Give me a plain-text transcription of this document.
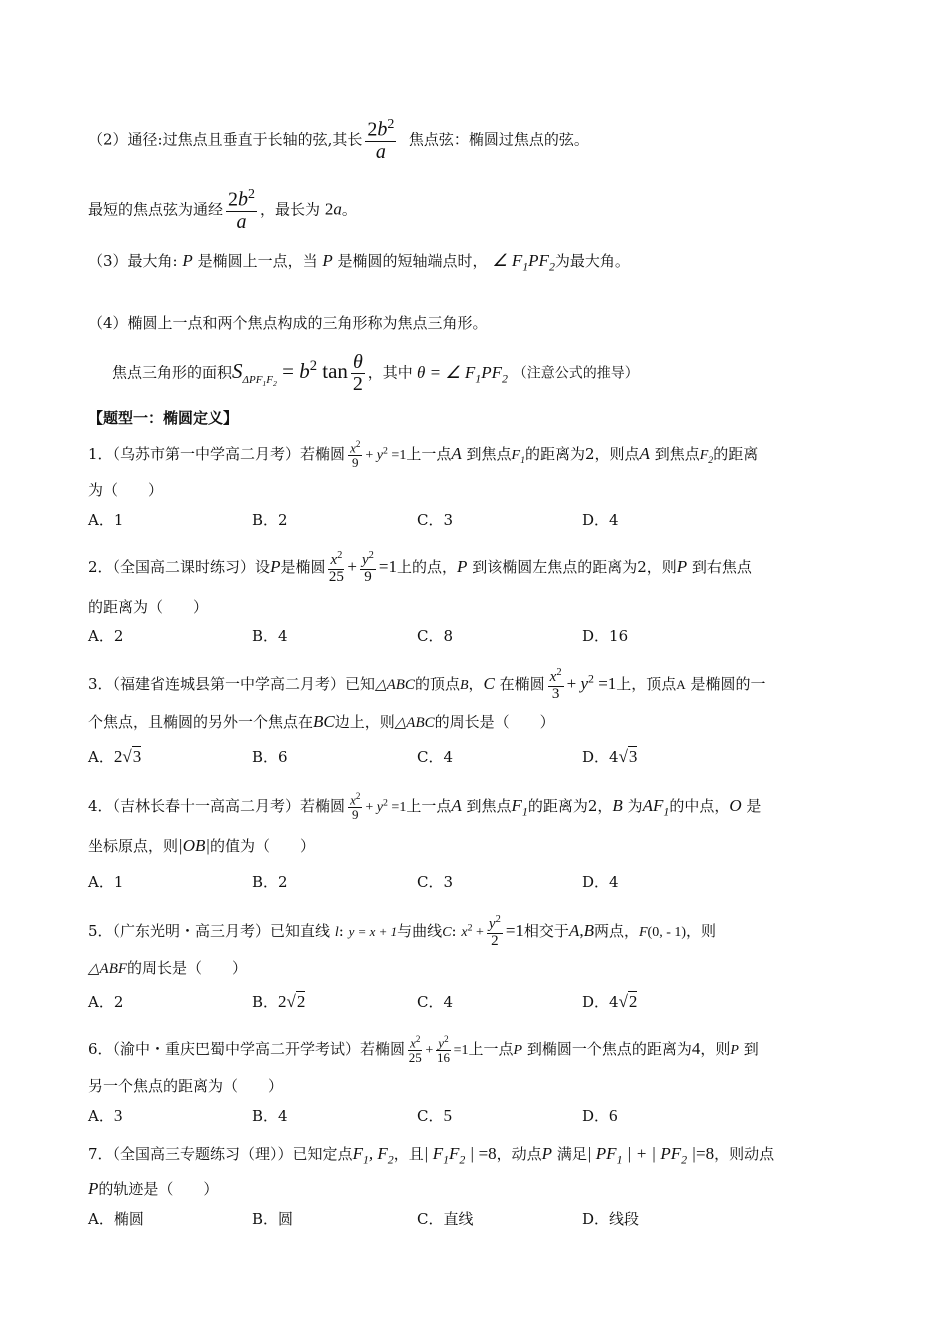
（2）通径:过焦点且垂直于长轴的弦,其长 $\frac{2b^2}{a}$ 焦点弦：椭圆过焦点的弦。
最短的焦点弦为通经 $\frac{2b^2}{a}$ ，最长为 2a。
（3）最大角: P 是椭圆上一点，当 P 是椭圆的短轴端点时， ∠ $F_1PF_2$为最大角。
（4）椭圆上一点和两个焦点构成的三角形称为焦点三角形。
焦点三角形的面积$S_{\Delta PF_1F_2} = b^2$ $\tan \frac{\theta}{2}$ ，其中 θ = ∠ $F_1PF_2$ （注意公式的推导）
【题型一：椭圆定义】
1．（乌苏市第一中学高二月考）若椭圆 $\frac{x^2}{9} + y^2 =1$上一点A 到焦点$F_1$的距离为2，则点A 到焦点$F_2$的距离
为（　　）
A．1	B．2	C．3	D．4
2．（全国高二课时练习）设P是椭圆 $\frac{x^2}{25} + \frac{y^2}{9} =1$上的点，P 到该椭圆左焦点的距离为2，则P 到右焦点
的距离为（　　）
A．2	B．4	C．8	D．16
3．（福建省连城县第一中学高二月考）已知△ABC的顶点B，C 在椭圆 $\frac{x^2}{3} + y^2 =1$上，顶点A 是椭圆的一
个焦点，且椭圆的另外一个焦点在BC边上，则△ABC的周长是（　　）
A．2√3	B．6	C．4	D．4√3
4．（吉林长春十一高高二月考）若椭圆 $\frac{x^2}{9} + y^2 =1$上一点A 到焦点$F_1$的距离为2，B 为$AF_1$的中点，O 是
坐标原点，则|OB|的值为（　　）
A．1	B．2	C．3	D．4
5．（广东光明・高三月考）已知直线 l: y = x + 1与曲线C: $x^2 + \frac{y^2}{2} =1$相交于A,B两点，F(0, - 1)，则
△ABF的周长是（　　）
A．2	B．2√2	C．4	D．4√2
6．（渝中・重庆巴蜀中学高二开学考试）若椭圆 $\frac{x^2}{25} + \frac{y^2}{16} =1$上一点P 到椭圆一个焦点的距离为4，则P 到
另一个焦点的距离为（　　）
A．3	B．4	C．5	D．6
7．（全国高三专题练习（理））已知定点$F_1$, $F_2$，且| $F_1F_2$ | =8，动点P 满足| $PF_1$ | + | $PF_2$ |=8，则动点
P的轨迹是（　　）
A．椭圆	B．圆	C．直线	D．线段
